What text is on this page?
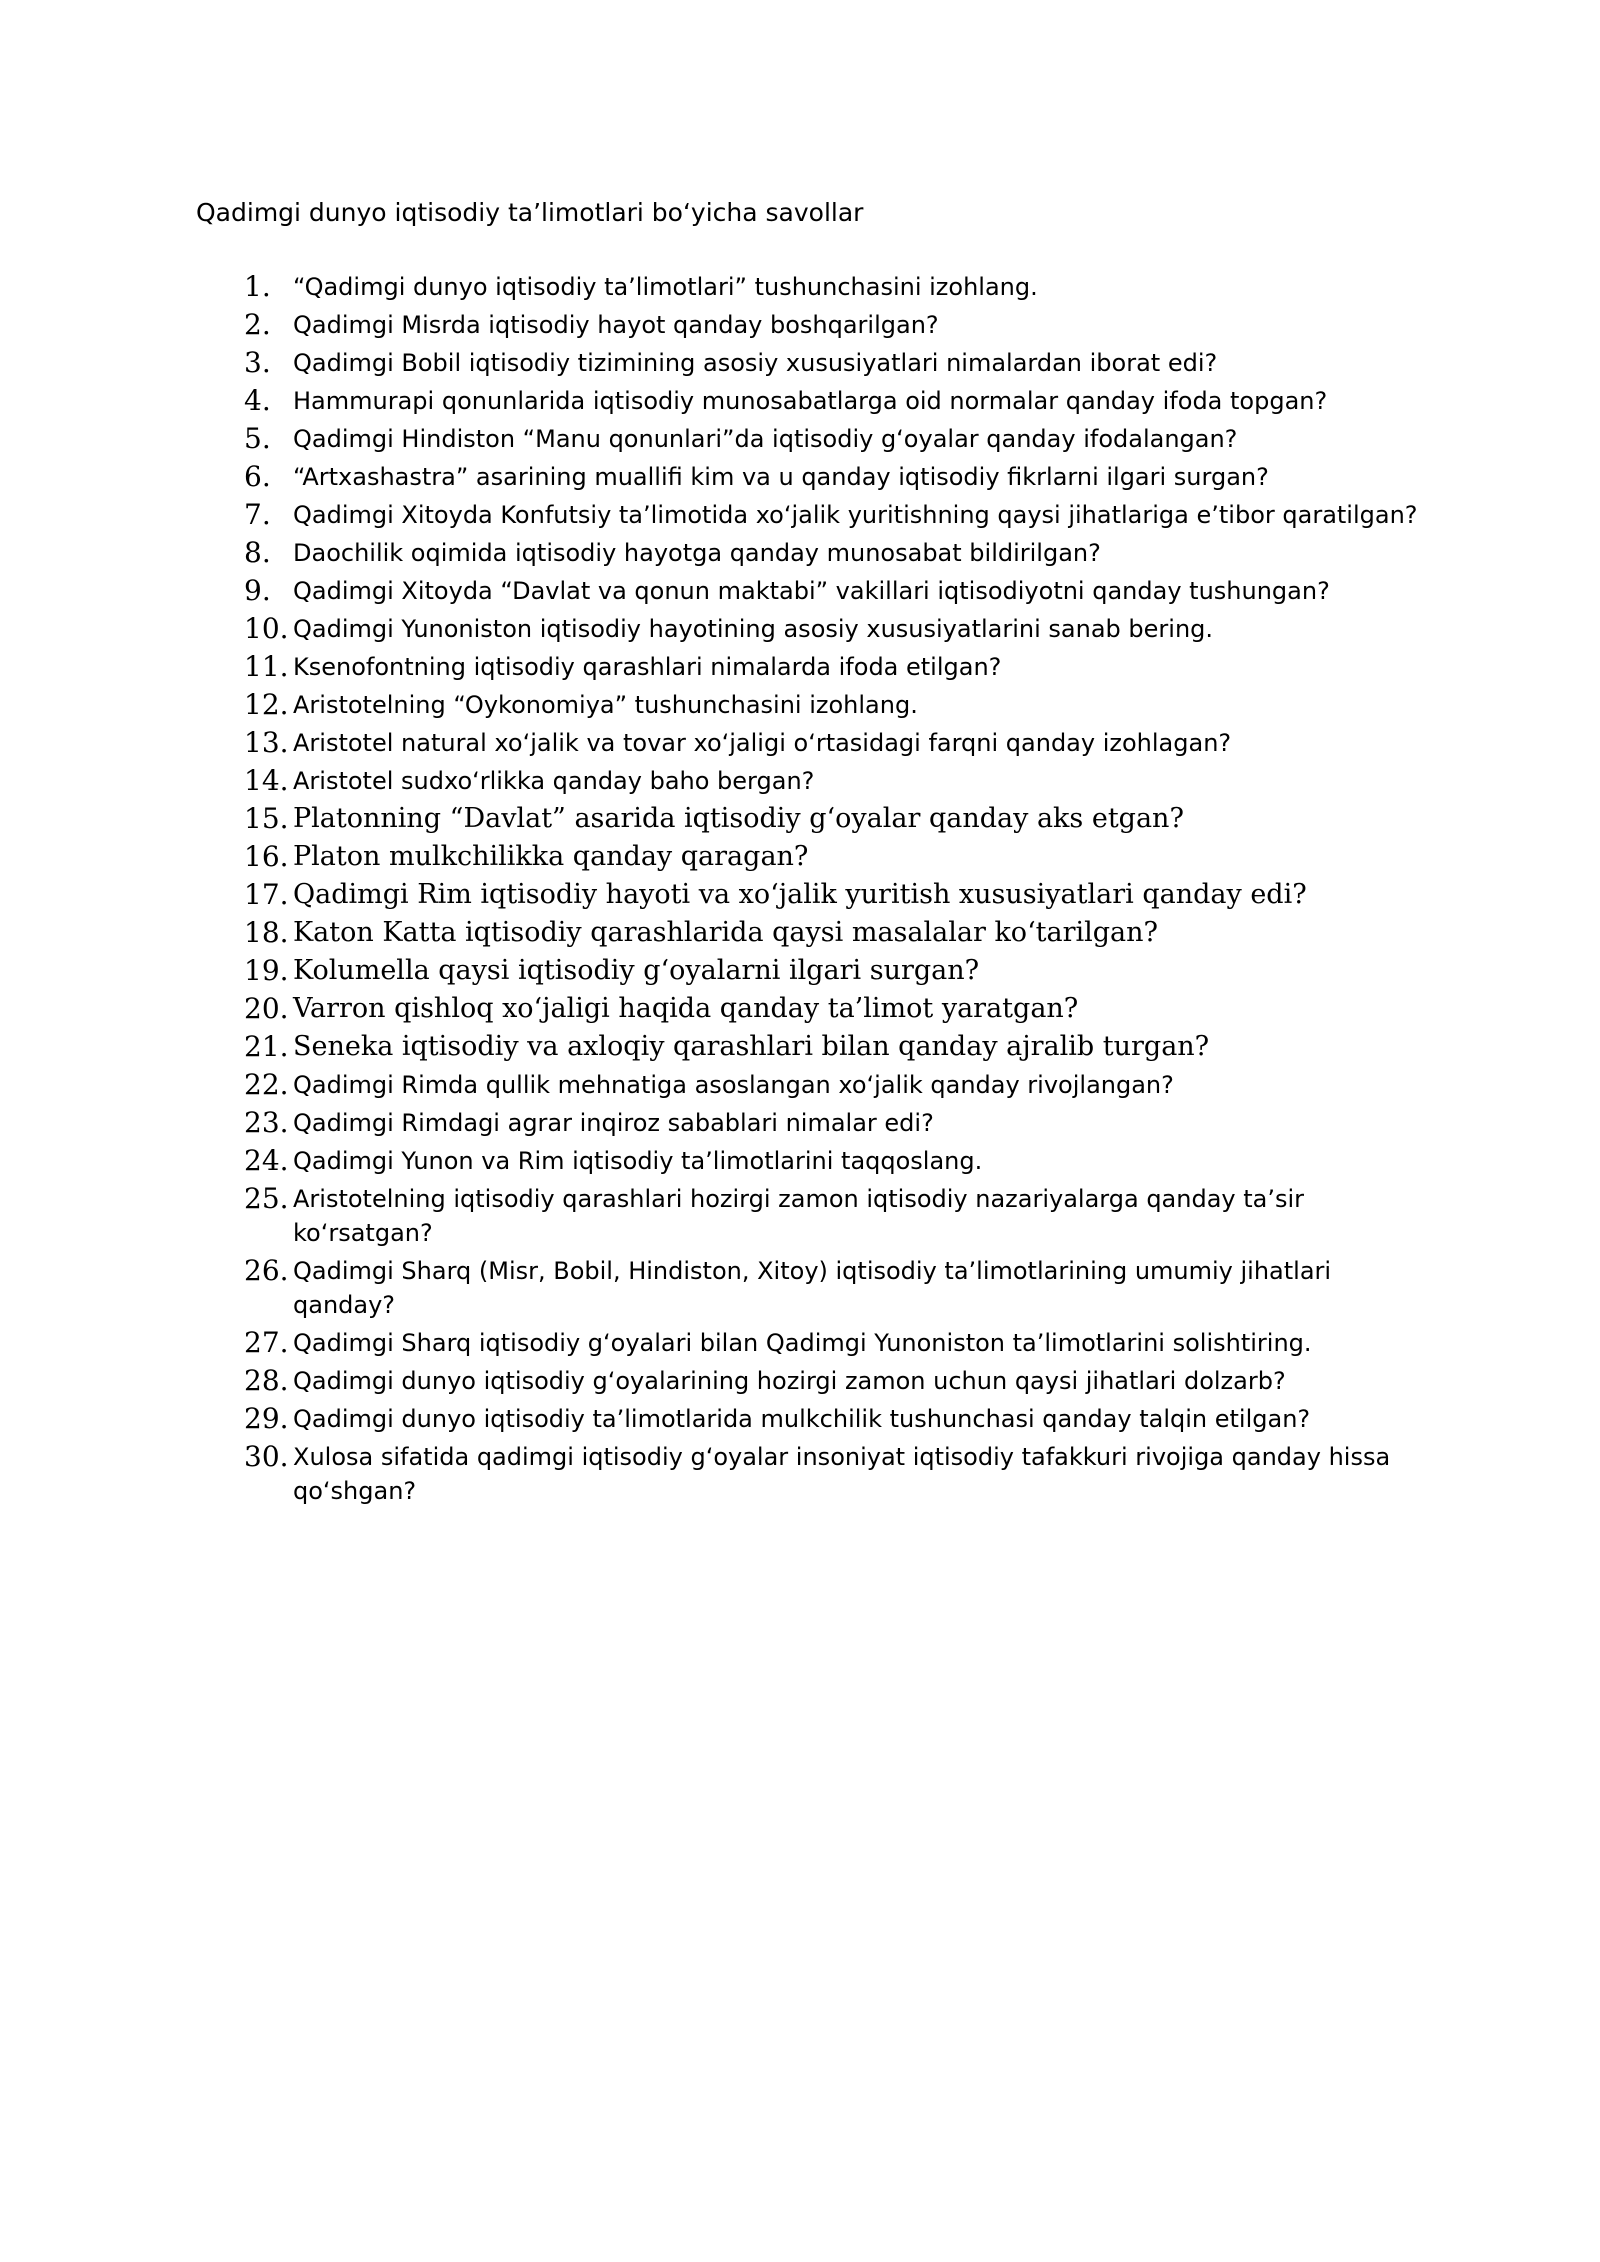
Qadimgi dunyo iqtisodiy ta’limotlari bo‘yicha savollar
1. “Qadimgi dunyo iqtisodiy ta’limotlari” tushunchasini izohlang.
2. Qadimgi Misrda iqtisodiy hayot qanday boshqarilgan?
3. Qadimgi Bobil iqtisodiy tizimining asosiy xususiyatlari nimalardan iborat edi?
4. Hammurapi qonunlarida iqtisodiy munosabatlarga oid normalar qanday ifoda topgan?
5. Qadimgi Hindiston “Manu qonunlari”da iqtisodiy g‘oyalar qanday ifodalangan?
6. “Artxashastra” asarining muallifi kim va u qanday iqtisodiy fikrlarni ilgari surgan?
7. Qadimgi Xitoyda Konfutsiy ta’limotida xo‘jalik yuritishning qaysi jihatlariga e’tibor qaratilgan?
8. Daochilik oqimida iqtisodiy hayotga qanday munosabat bildirilgan?
9. Qadimgi Xitoyda “Davlat va qonun maktabi” vakillari iqtisodiyotni qanday tushungan?
10. Qadimgi Yunoniston iqtisodiy hayotining asosiy xususiyatlarini sanab bering.
11. Ksenofontning iqtisodiy qarashlari nimalarda ifoda etilgan?
12. Aristotelning “Oykonomiya” tushunchasini izohlang.
13. Aristotel natural xo‘jalik va tovar xo‘jaligi o‘rtasidagi farqni qanday izohlagan?
14. Aristotel sudxo‘rlikka qanday baho bergan?
15. Platonning “Davlat” asarida iqtisodiy g‘oyalar qanday aks etgan?
16. Platon mulkchilikka qanday qaragan?
17. Qadimgi Rim iqtisodiy hayoti va xo‘jalik yuritish xususiyatlari qanday edi?
18. Katon Katta iqtisodiy qarashlarida qaysi masalalar ko‘tarilgan?
19. Kolumella qaysi iqtisodiy g‘oyalarni ilgari surgan?
20. Varron qishloq xo‘jaligi haqida qanday ta’limot yaratgan?
21. Seneka iqtisodiy va axloqiy qarashlari bilan qanday ajralib turgan?
22. Qadimgi Rimda qullik mehnatiga asoslangan xo‘jalik qanday rivojlangan?
23. Qadimgi Rimdagi agrar inqiroz sabablari nimalar edi?
24. Qadimgi Yunon va Rim iqtisodiy ta’limotlarini taqqoslang.
25. Aristotelning iqtisodiy qarashlari hozirgi zamon iqtisodiy nazariyalarga qanday ta’sir ko‘rsatgan?
26. Qadimgi Sharq (Misr, Bobil, Hindiston, Xitoy) iqtisodiy ta’limotlarining umumiy jihatlari qanday?
27. Qadimgi Sharq iqtisodiy g‘oyalari bilan Qadimgi Yunoniston ta’limotlarini solishtiring.
28. Qadimgi dunyo iqtisodiy g‘oyalarining hozirgi zamon uchun qaysi jihatlari dolzarb?
29. Qadimgi dunyo iqtisodiy ta’limotlarida mulkchilik tushunchasi qanday talqin etilgan?
30. Xulosa sifatida qadimgi iqtisodiy g‘oyalar insoniyat iqtisodiy tafakkuri rivojiga qanday hissa qo‘shgan?
